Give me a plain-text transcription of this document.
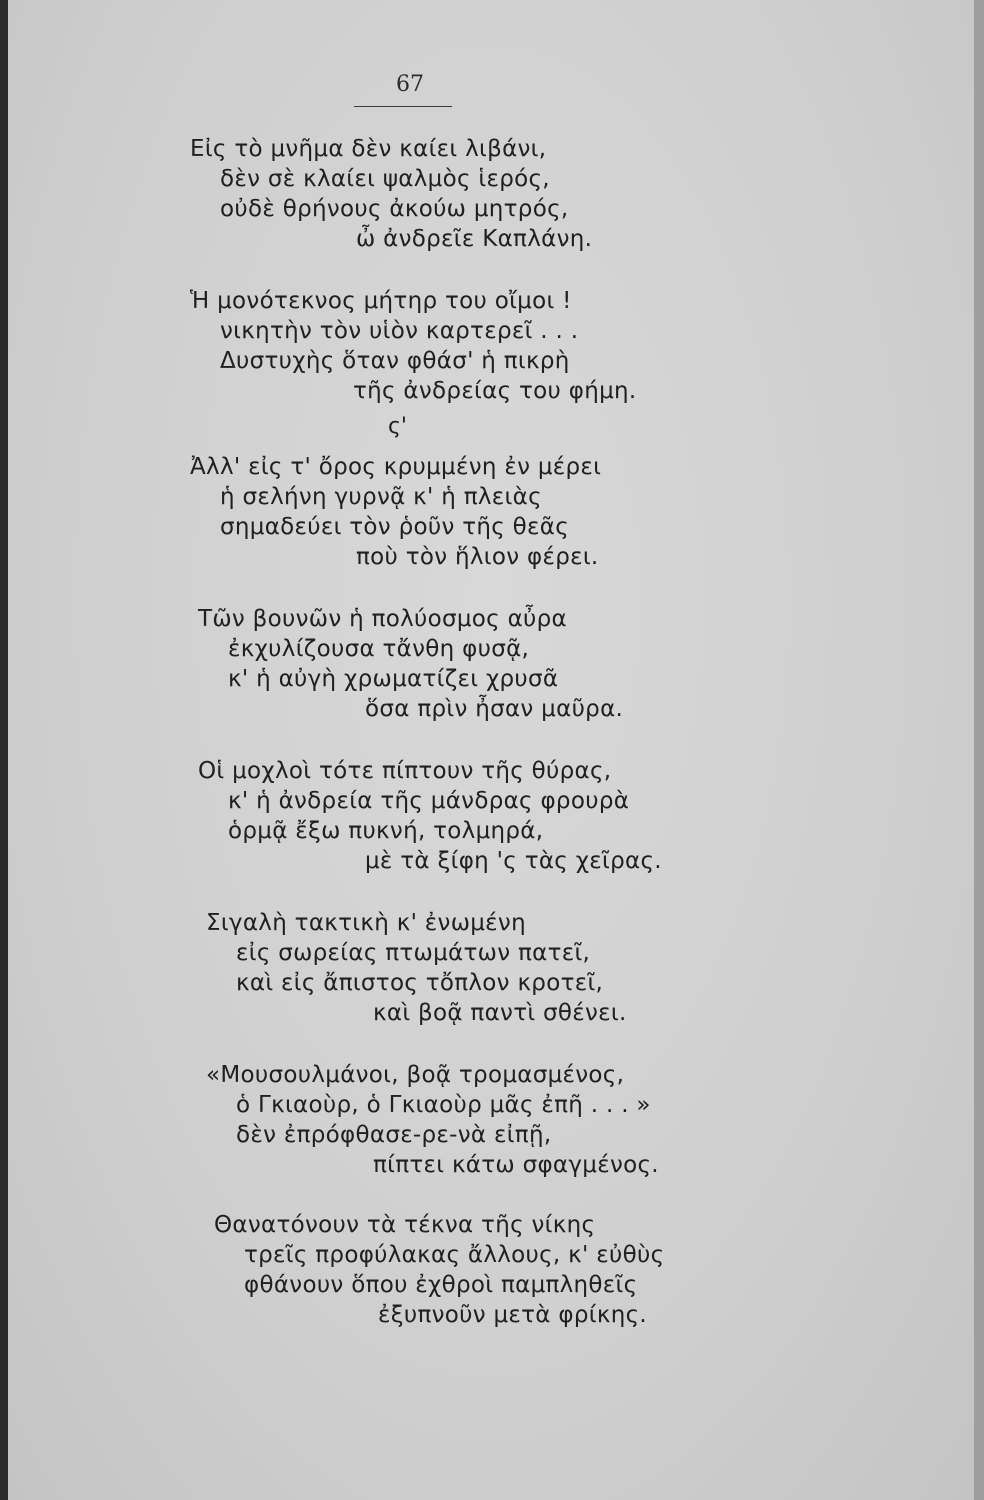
67
Εἰς τὸ μνῆμα δὲν καίει λιβάνι,
δὲν σὲ κλαίει ψαλμὸς ἱερός,
οὐδὲ θρήνους ἀκούω μητρός,
ὦ ἀνδρεῖε Καπλάνη.
Ἡ μονότεκνος μήτηρ του οἴμοι !
νικητὴν τὸν υἱὸν καρτερεῖ . . .
Δυστυχὴς ὅταν φθάσ' ἡ πικρὴ
τῆς ἀνδρείας του φήμη.
ς'
Ἀλλ' εἰς τ' ὄρος κρυμμένη ἐν μέρει
ἡ σελήνη γυρνᾷ κ' ἡ πλειὰς
σημαδεύει τὸν ῥοῦν τῆς θεᾶς
ποὺ τὸν ἥλιον φέρει.
Τῶν βουνῶν ἡ πολύοσμος αὖρα
ἐκχυλίζουσα τἄνθη φυσᾷ,
κ' ἡ αὐγὴ χρωματίζει χρυσᾶ
ὅσα πρὶν ἦσαν μαῦρα.
Οἱ μοχλοὶ τότε πίπτουν τῆς θύρας,
κ' ἡ ἀνδρεία τῆς μάνδρας φρουρὰ
ὁρμᾷ ἔξω πυκνή, τολμηρά,
μὲ τὰ ξίφη 'ς τὰς χεῖρας.
Σιγαλὴ τακτικὴ κ' ἐνωμένη
εἰς σωρείας πτωμάτων πατεῖ,
καὶ εἰς ἄπιστος τὄπλον κροτεῖ,
καὶ βοᾷ παντὶ σθένει.
«Μουσουλμάνοι, βοᾷ τρομασμένος,
ὁ Γκιαοὺρ, ὁ Γκιαοὺρ μᾶς ἐπῆ . . . »
δὲν ἐπρόφθασε-ρε-νὰ εἰπῇ,
πίπτει κάτω σφαγμένος.
Θανατόνουν τὰ τέκνα τῆς νίκης
τρεῖς προφύλακας ἄλλους, κ' εὐθὺς
φθάνουν ὅπου ἐχθροὶ παμπληθεῖς
ἐξυπνοῦν μετὰ φρίκης.
